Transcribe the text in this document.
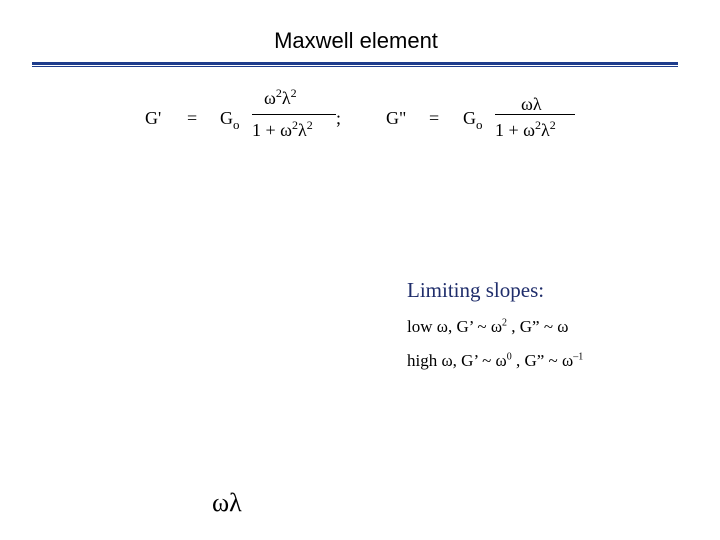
Maxwell element
$G' = G_o$
$\omega^2\lambda^2$
$1 + \omega^2\lambda^2$ ; G" = $G_o$
ωλ
$1 + \omega^2\lambda^2$

Limiting slopes:

low ω, G’ ~ $\omega^2$ , G” ~ ω

high ω, G’ ~ $\omega^0$ , G” ~ $\omega^{-1}$

ωλ
